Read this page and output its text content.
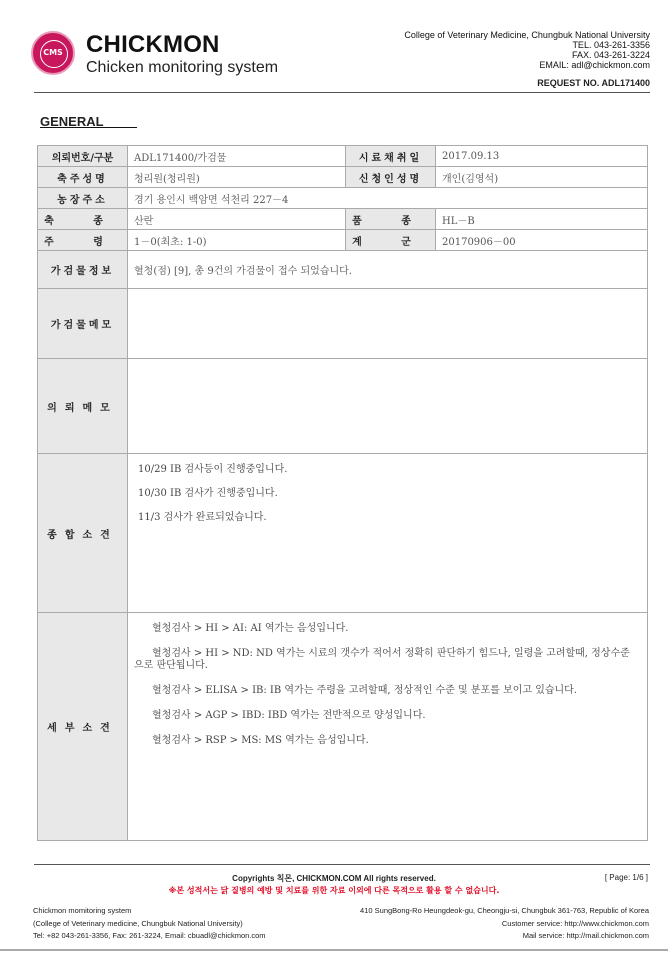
CMS CHICKMON
Chicken monitoring system
College of Veterinary Medicine, Chungbuk National University
TEL. 043-261-3356
FAX. 043-261-3224
EMAIL: adl@chickmon.com
REQUEST NO. ADL171400
GENERAL
의뢰번호/구분	ADL171400/가검물	시료채취일	2017.09.13
축주성명	청리원(청리원)	신청인성명	개인(김영석)
농장주소	경기 용인시 백암면 석천리 227－4		
축 종	산란	품 종	HL－B
주 령	1－0(최초: 1-0)	계 군	20170906－00
가검물정보	혈청(점) [9], 총 9건의 가검물이 접수 되었습니다.		
가검물메모			
의뢰메모			
종합소견	10/29 IB 검사등이 진행중입니다.
10/30 IB 검사가 진행중입니다.
11/3 검사가 완료되었습니다.		

세부소견	혈청검사 > HI > AI: AI 역가는 음성입니다.
혈청검사 > HI > ND: ND 역가는 시료의 갯수가 적어서 정확히 판단하기 힘드나, 일령을 고려할때, 정상수준 으로 판단됩니다.
혈청검사 > ELISA > IB: IB 역가는 주령을 고려할때, 정상적인 수준 및 분포를 보이고 있습니다.
혈청검사 > AGP > IBD: IBD 역가는 전반적으로 양성입니다.
혈청검사 > RSP > MS: MS 역가는 음성입니다.		
Copyrights 칙몬, CHICKMON.COM All rights reserved.	[ Page: 1/6 ]
※본 성적서는 닭 질병의 예방 및 치료를 위한 자료 이외에 다른 목적으로 활용 할 수 없습니다.
Chickmon momitoring system
(College of Veterinary medicine, Chungbuk National University)
Tel: +82 043-261-3356, Fax: 261-3224, Email: cbuadl@chickmon.com
410 SungBong-Ro Heungdeok-gu, Cheongju-si, Chungbuk 361-763, Republic of Korea
Customer service: http://www.chickmon.com
Mail service: http://mail.chickmon.com
